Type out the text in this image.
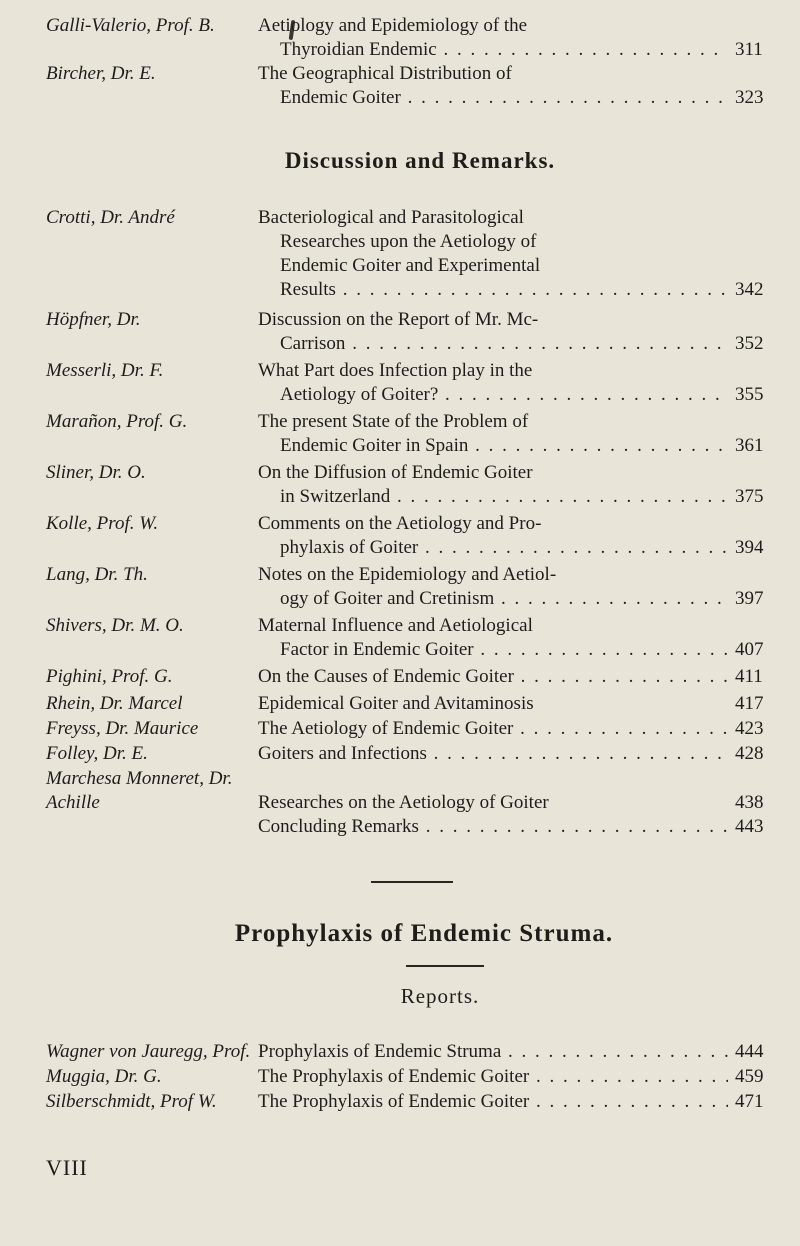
Galli-Valerio, Prof. B.	Aetiology and Epidemiology of the
Thyroidian Endemic . . .	311
Bircher, Dr. E.	The Geographical Distribution of
Endemic Goiter . . .	323
Discussion and Remarks.
Crotti, Dr. André	Bacteriological and Parasitological
Researches upon the Aetiology of
Endemic Goiter and Experimental
Results . . .	342
Höpfner, Dr.	Discussion on the Report of Mr. Mc-
Carrison . . .	352
Messerli, Dr. F.	What Part does Infection play in the
Aetiology of Goiter? . . .	355
Marañon, Prof. G.	The present State of the Problem of
Endemic Goiter in Spain . . .	361
Sliner, Dr. O.	On the Diffusion of Endemic Goiter
in Switzerland . . .	375
Kolle, Prof. W.	Comments on the Aetiology and Pro-
phylaxis of Goiter . . .	394
Lang, Dr. Th.	Notes on the Epidemiology and Aetiol-
ogy of Goiter and Cretinism . . .	397
Shivers, Dr. M. O.	Maternal Influence and Aetiological
Factor in Endemic Goiter . . .	407
Pighini, Prof. G.	On the Causes of Endemic Goiter . . .	411
Rhein, Dr. Marcel	Epidemical Goiter and Avitaminosis	417
Freyss, Dr. Maurice	The Aetiology of Endemic Goiter . . .	423
Folley, Dr. E.	Goiters and Infections . . .	428
Marchesa Monneret, Dr. Achille	Researches on the Aetiology of Goiter	438
Concluding Remarks . . .	443
Prophylaxis of Endemic Struma.
Reports.
Wagner von Jauregg, Prof. Prophylaxis of Endemic Struma . . .	444
Muggia, Dr. G.	The Prophylaxis of Endemic Goiter . . .	459
Silberschmidt, Prof W.	The Prophylaxis of Endemic Goiter . . .	471
VIII
